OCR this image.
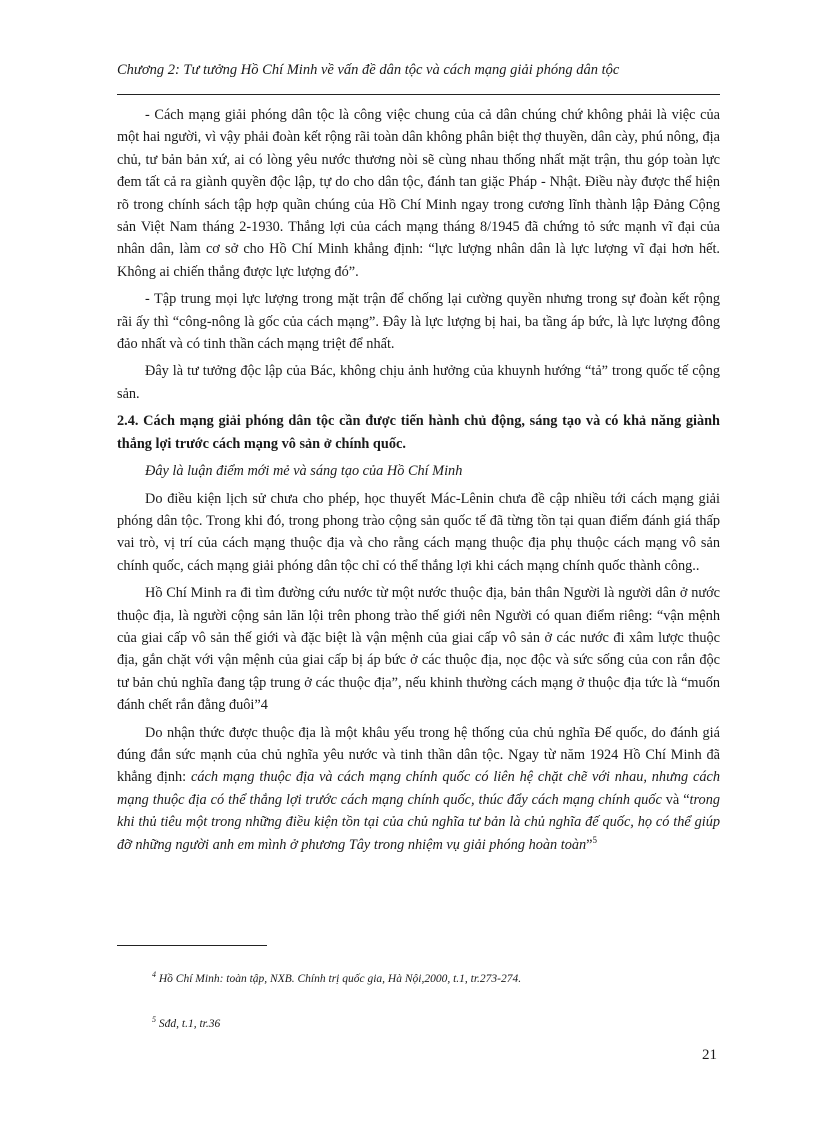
Chương 2: Tư tưởng Hồ Chí Minh về vấn đề dân tộc và cách mạng giải phóng dân tộc

- Cách mạng giải phóng dân tộc là công việc chung của cả dân chúng chứ không phải là việc của một hai người, vì vậy phải đoàn kết rộng rãi toàn dân không phân biệt thợ thuyền, dân cày, phú nông, địa chủ, tư bản bản xứ, ai có lòng yêu nước thương nòi sẽ cùng nhau thống nhất mặt trận, thu góp toàn lực đem tất cả ra giành quyền độc lập, tự do cho dân tộc, đánh tan giặc Pháp - Nhật. Điều này được thể hiện rõ trong chính sách tập hợp quần chúng của Hồ Chí Minh ngay trong cương lĩnh thành lập Đảng Cộng sản Việt Nam tháng 2-1930. Thắng lợi của cách mạng tháng 8/1945 đã chứng tỏ sức mạnh vĩ đại của nhân dân, làm cơ sở cho Hồ Chí Minh khẳng định: “lực lượng nhân dân là lực lượng vĩ đại hơn hết. Không ai chiến thắng được lực lượng đó”.

- Tập trung mọi lực lượng trong mặt trận để chống lại cường quyền nhưng trong sự đoàn kết rộng rãi ấy thì “công-nông là gốc của cách mạng”. Đây là lực lượng bị hai, ba tầng áp bức, là lực lượng đông đảo nhất và có tinh thần cách mạng triệt để nhất.

Đây là tư tưởng độc lập của Bác, không chịu ảnh hưởng của khuynh hướng “tả” trong quốc tế cộng sản.

2.4. Cách mạng giải phóng dân tộc cần được tiến hành chủ động, sáng tạo và có khả năng giành thắng lợi trước cách mạng vô sản ở chính quốc.

Đây là luận điểm mới mẻ và sáng tạo của Hồ Chí Minh

Do điều kiện lịch sử chưa cho phép, học thuyết Mác-Lênin chưa đề cập nhiều tới cách mạng giải phóng dân tộc. Trong khi đó, trong phong trào cộng sản quốc tế đã từng tồn tại quan điểm đánh giá thấp vai trò, vị trí của cách mạng thuộc địa và cho rằng cách mạng thuộc địa phụ thuộc cách mạng vô sản chính quốc, cách mạng giải phóng dân tộc chỉ có thể thắng lợi khi cách mạng chính quốc thành công..

Hồ Chí Minh ra đi tìm đường cứu nước từ một nước thuộc địa, bản thân Người là người dân ở nước thuộc địa, là người cộng sản lăn lội trên phong trào thế giới nên Người có quan điểm riêng: “vận mệnh của giai cấp vô sản thế giới và đặc biệt là vận mệnh của giai cấp vô sản ở các nước đi xâm lược thuộc địa, gắn chặt với vận mệnh của giai cấp bị áp bức ở các thuộc địa, nọc độc và sức sống của con rắn độc tư bản chủ nghĩa đang tập trung ở các thuộc địa”, nếu khinh thường cách mạng ở thuộc địa tức là “muốn đánh chết rắn đằng đuôi”4

Do nhận thức được thuộc địa là một khâu yếu trong hệ thống của chủ nghĩa Đế quốc, do đánh giá đúng đắn sức mạnh của chủ nghĩa yêu nước và tinh thần dân tộc. Ngay từ năm 1924 Hồ Chí Minh đã khẳng định: cách mạng thuộc địa và cách mạng chính quốc có liên hệ chặt chẽ với nhau, nhưng cách mạng thuộc địa có thể thắng lợi trước cách mạng chính quốc, thúc đẩy cách mạng chính quốc và “trong khi thủ tiêu một trong những điều kiện tồn tại của chủ nghĩa tư bản là chủ nghĩa đế quốc, họ có thể giúp đỡ những người anh em mình ở phương Tây trong nhiệm vụ giải phóng hoàn toàn”$^5$

$^4$ Hồ Chí Minh: toàn tập, NXB. Chính trị quốc gia, Hà Nội,2000, t.1, tr.273-274.
$^5$ Sđd, t.1, tr.36
21
